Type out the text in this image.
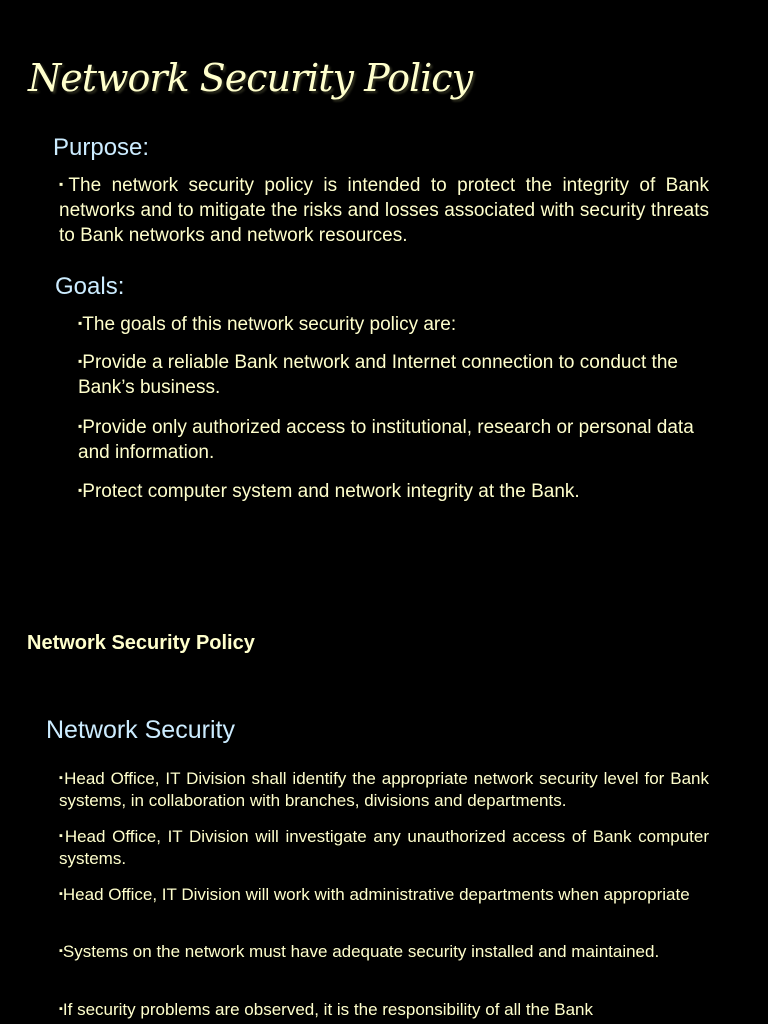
Network Security Policy
Purpose:

▪The network security policy is intended to protect the integrity of Bank networks and to mitigate the risks and losses associated with security threats to Bank networks and network resources.

Goals:

▪The goals of this network security policy are:

▪Provide a reliable Bank network and Internet connection to conduct the Bank’s business.

▪Provide only authorized access to institutional, research or personal data and information.

▪Protect computer system and network integrity at the Bank.

Network Security Policy
Network Security

▪Head Office, IT Division shall identify the appropriate network security level for Bank systems, in collaboration with branches, divisions and departments.

▪Head Office, IT Division will investigate any unauthorized access of Bank computer systems.

▪Head Office, IT Division will work with administrative departments when appropriate

▪Systems on the network must have adequate security installed and maintained.

▪If security problems are observed, it is the responsibility of all the Bank
